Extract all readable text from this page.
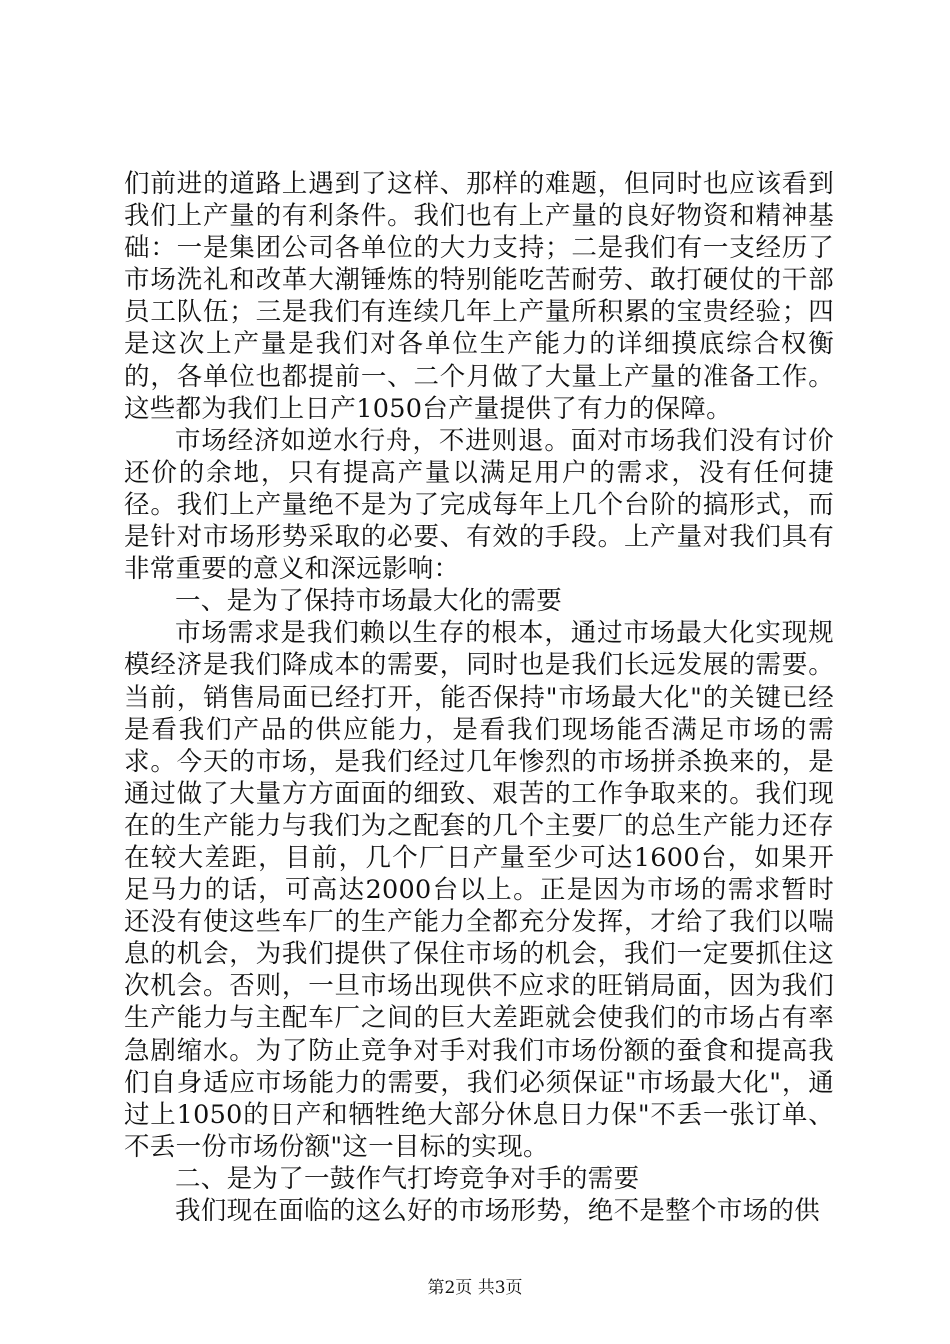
们前进的道路上遇到了这样、那样的难题，但同时也应该看到我们上产量的有利条件。我们也有上产量的良好物资和精神基础：一是集团公司各单位的大力支持；二是我们有一支经历了市场洗礼和改革大潮锤炼的特别能吃苦耐劳、敢打硬仗的干部员工队伍；三是我们有连续几年上产量所积累的宝贵经验；四是这次上产量是我们对各单位生产能力的详细摸底综合权衡的，各单位也都提前一、二个月做了大量上产量的准备工作。这些都为我们上日产1050台产量提供了有力的保障。

市场经济如逆水行舟，不进则退。面对市场我们没有讨价还价的余地，只有提高产量以满足用户的需求，没有任何捷径。我们上产量绝不是为了完成每年上几个台阶的搞形式，而是针对市场形势采取的必要、有效的手段。上产量对我们具有非常重要的意义和深远影响：

一、是为了保持市场最大化的需要

市场需求是我们赖以生存的根本，通过市场最大化实现规模经济是我们降成本的需要，同时也是我们长远发展的需要。当前，销售局面已经打开，能否保持"市场最大化"的关键已经是看我们产品的供应能力，是看我们现场能否满足市场的需求。今天的市场，是我们经过几年惨烈的市场拼杀换来的，是通过做了大量方方面面的细致、艰苦的工作争取来的。我们现在的生产能力与我们为之配套的几个主要厂的总生产能力还存在较大差距，目前，几个厂日产量至少可达1600台，如果开足马力的话，可高达2000台以上。正是因为市场的需求暂时还没有使这些车厂的生产能力全都充分发挥，才给了我们以喘息的机会，为我们提供了保住市场的机会，我们一定要抓住这次机会。否则，一旦市场出现供不应求的旺销局面，因为我们生产能力与主配车厂之间的巨大差距就会使我们的市场占有率急剧缩水。为了防止竞争对手对我们市场份额的蚕食和提高我们自身适应市场能力的需要，我们必须保证"市场最大化"，通过上1050的日产和牺牲绝大部分休息日力保"不丢一张订单、不丢一份市场份额"这一目标的实现。

二、是为了一鼓作气打垮竞争对手的需要

我们现在面临的这么好的市场形势，绝不是整个市场的供

第2页 共3页
